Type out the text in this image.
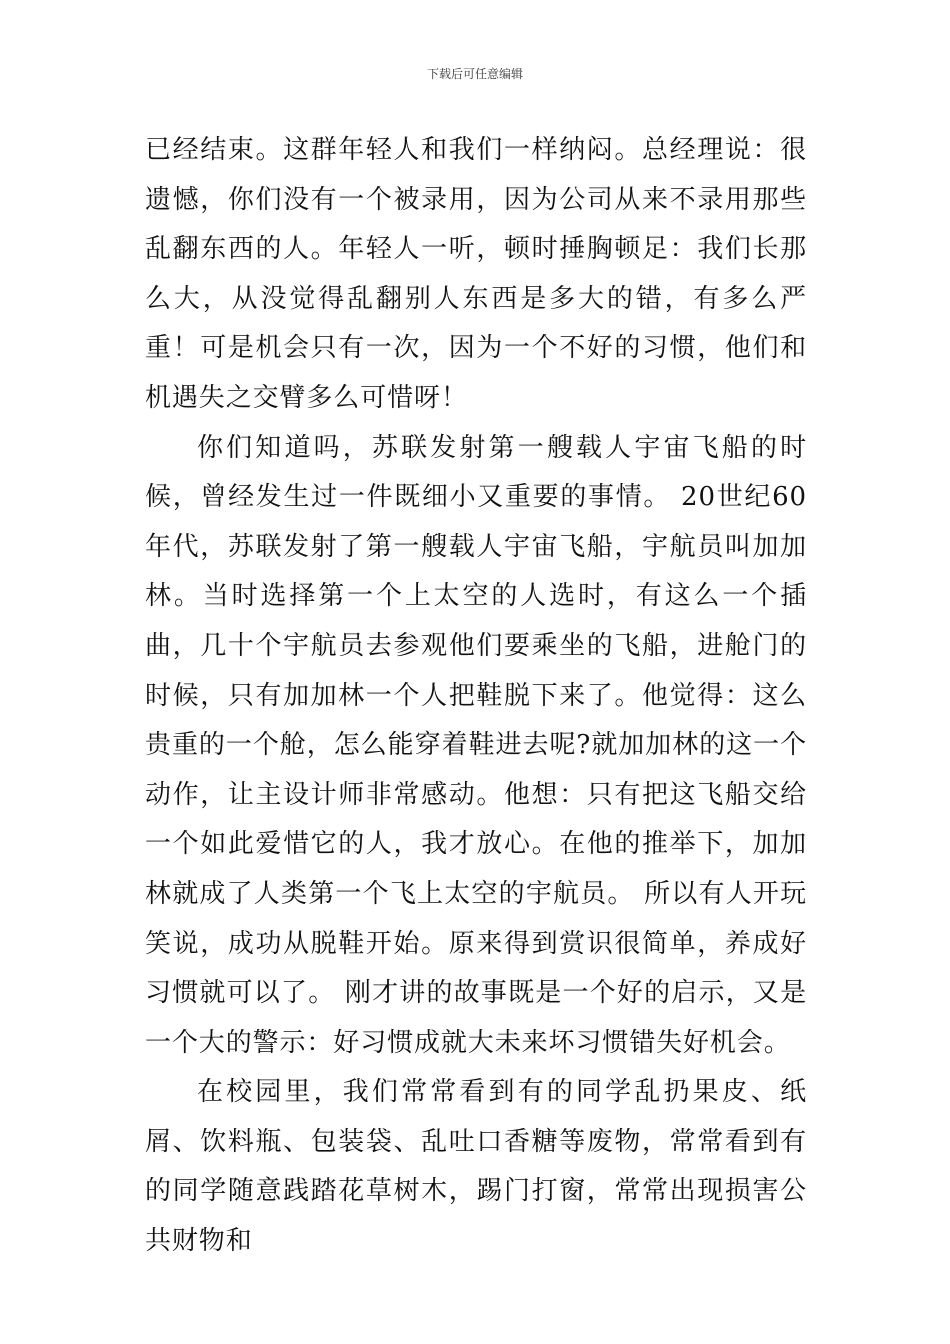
下载后可任意编辑

已经结束。这群年轻人和我们一样纳闷。总经理说：很遗憾，你们没有一个被录用，因为公司从来不录用那些乱翻东西的人。年轻人一听，顿时捶胸顿足：我们长那么大，从没觉得乱翻别人东西是多大的错，有多么严重！可是机会只有一次，因为一个不好的习惯，他们和机遇失之交臂多么可惜呀！

你们知道吗，苏联发射第一艘载人宇宙飞船的时候，曾经发生过一件既细小又重要的事情。 20世纪60年代，苏联发射了第一艘载人宇宙飞船，宇航员叫加加林。当时选择第一个上太空的人选时，有这么一个插曲，几十个宇航员去参观他们要乘坐的飞船，进舱门的时候，只有加加林一个人把鞋脱下来了。他觉得：这么贵重的一个舱，怎么能穿着鞋进去呢?就加加林的这一个动作，让主设计师非常感动。他想：只有把这飞船交给一个如此爱惜它的人，我才放心。在他的推举下，加加林就成了人类第一个飞上太空的宇航员。 所以有人开玩笑说，成功从脱鞋开始。原来得到赏识很简单，养成好习惯就可以了。 刚才讲的故事既是一个好的启示，又是一个大的警示：好习惯成就大未来坏习惯错失好机会。

在校园里，我们常常看到有的同学乱扔果皮、纸屑、饮料瓶、包装袋、乱吐口香糖等废物，常常看到有的同学随意践踏花草树木，踢门打窗，常常出现损害公共财物和
